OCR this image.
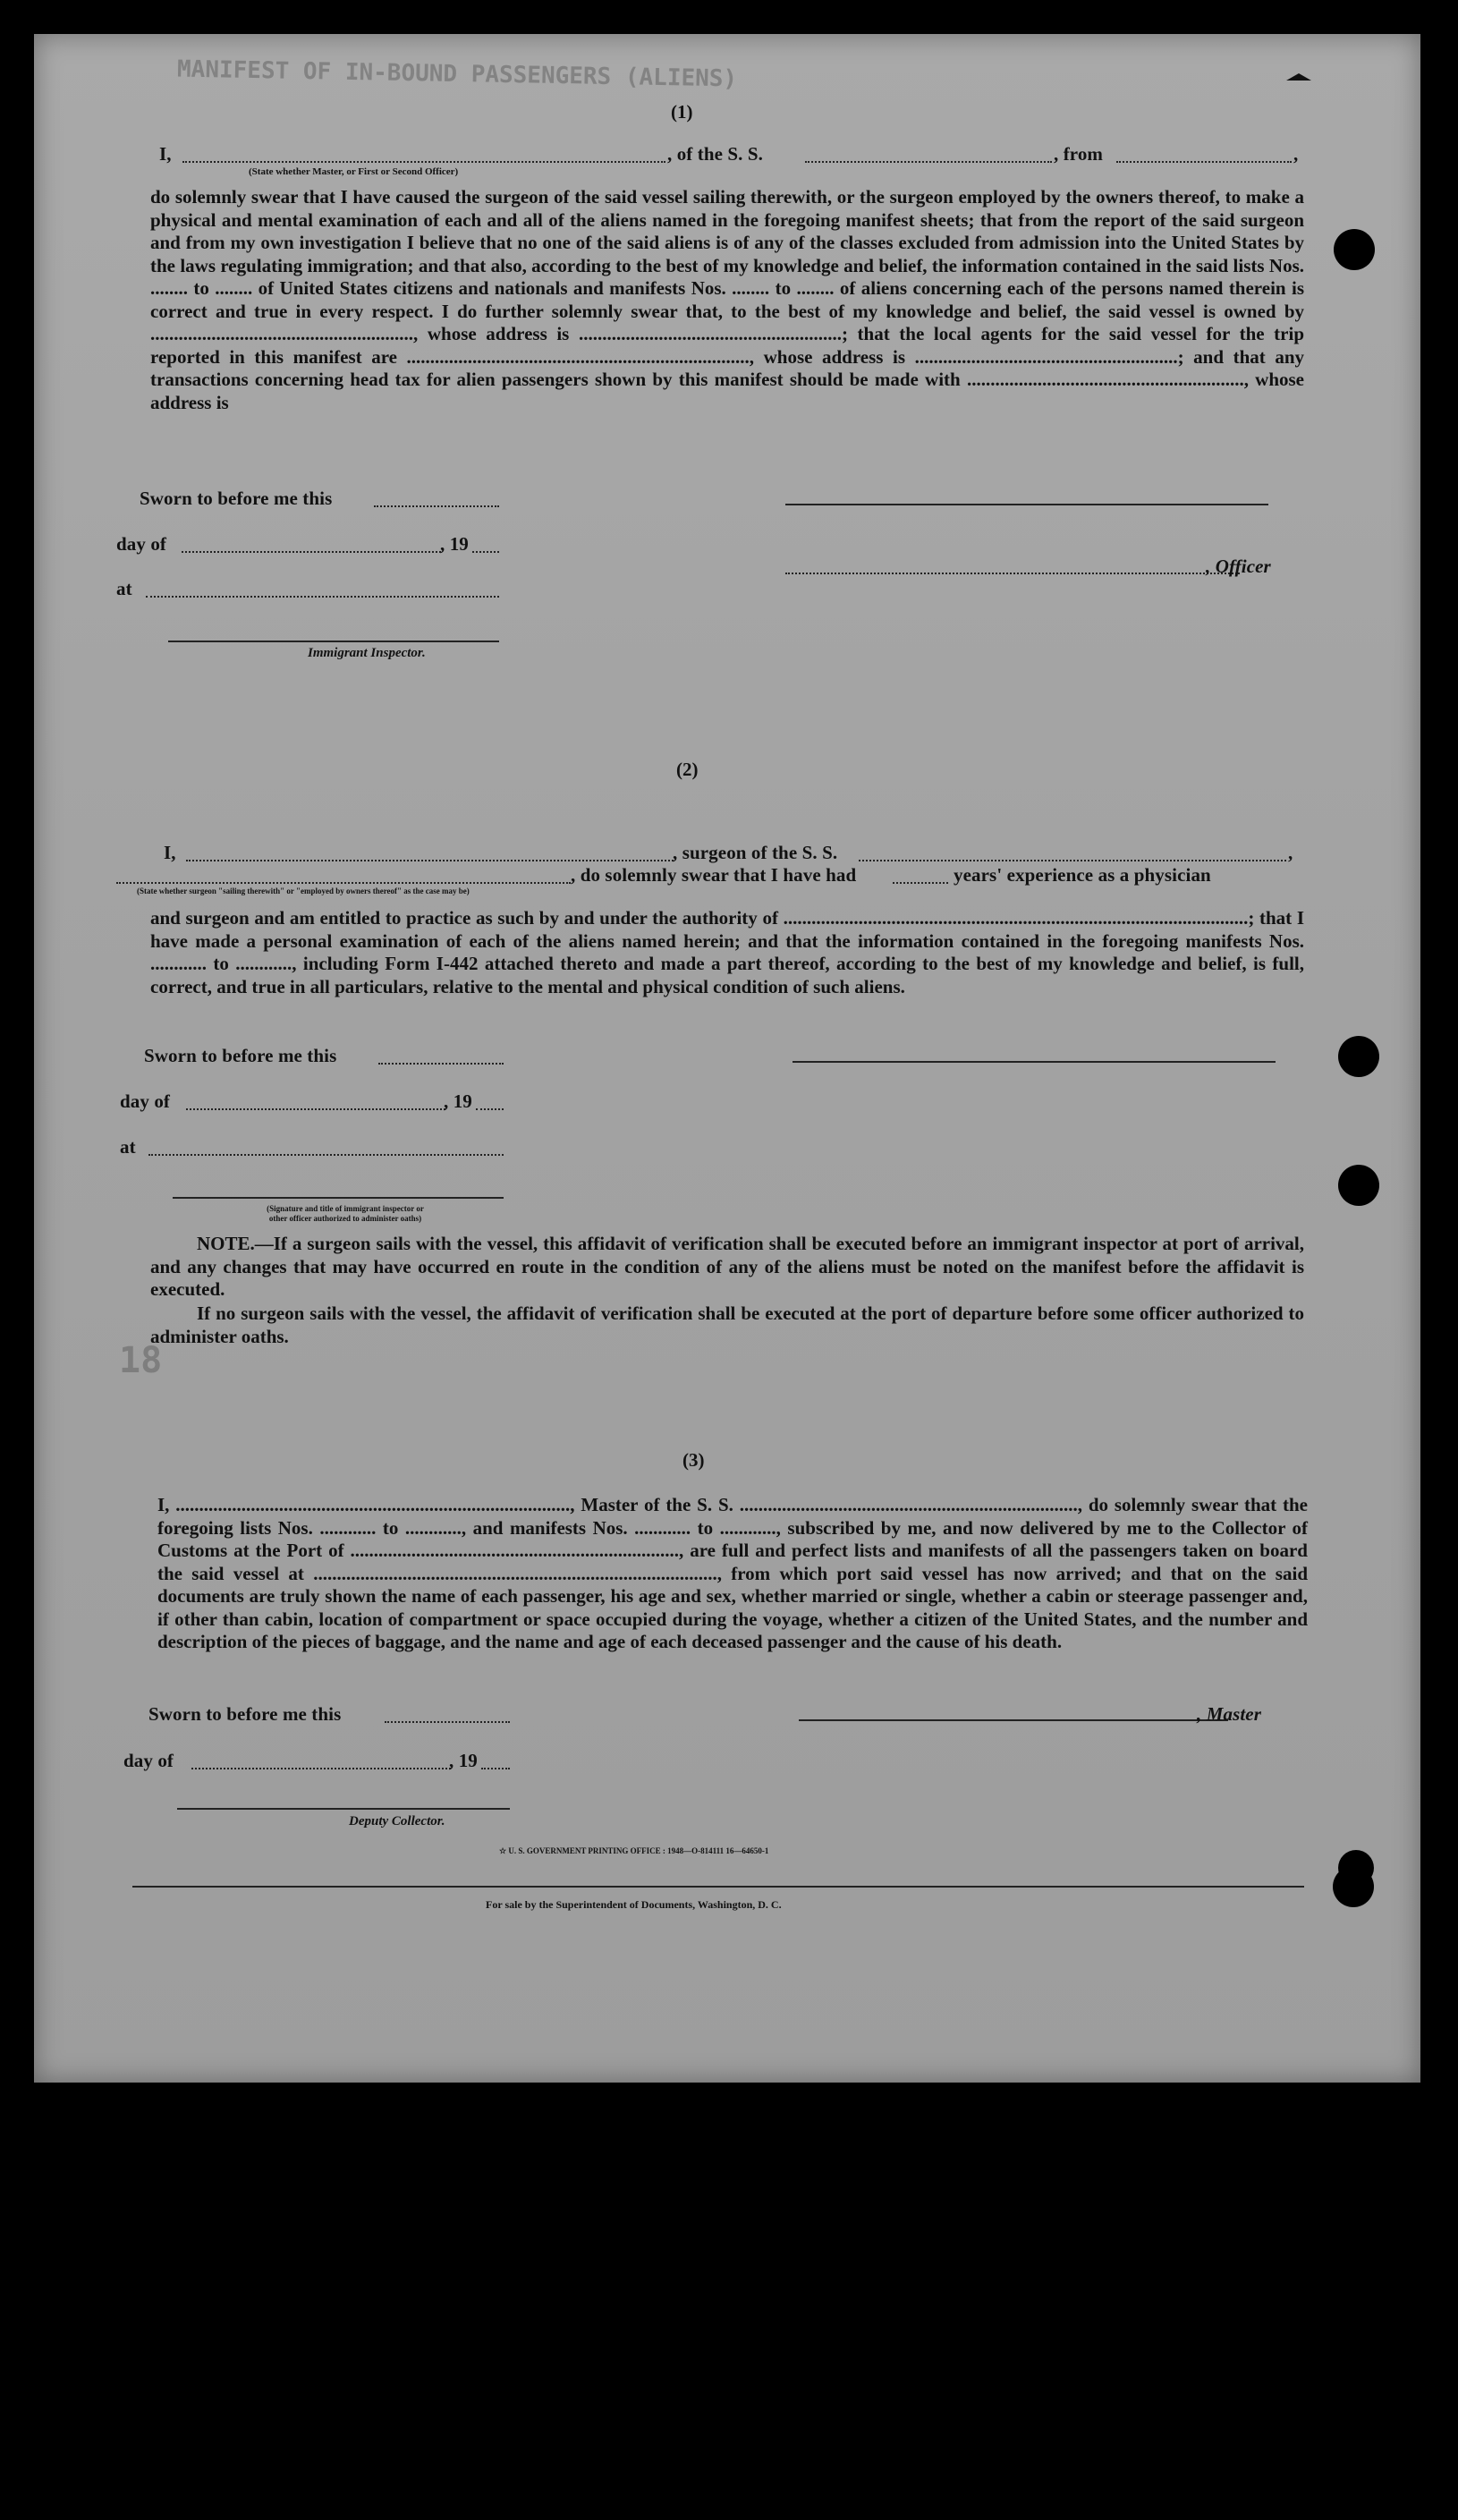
MANIFEST OF IN-BOUND PASSENGERS (ALIENS)
18
(1)
I,	, of the S. S.	, from	,
(State whether Master, or First or Second Officer)
do solemnly swear that I have caused the surgeon of the said vessel sailing therewith, or the surgeon employed by the owners thereof, to make a physical and mental examination of each and all of the aliens named in the foregoing manifest sheets; that from the report of the said surgeon and from my own investigation I believe that no one of the said aliens is of any of the classes excluded from admission into the United States by the laws regulating immigration; and that also, according to the best of my knowledge and belief, the information contained in the said lists Nos. ........ to ........ of United States citizens and nationals and manifests Nos. ........ to ........ of aliens concerning each of the persons named therein is correct and true in every respect. I do further solemnly swear that, to the best of my knowledge and belief, the said vessel is owned by ........................................................, whose address is ........................................................; that the local agents for the said vessel for the trip reported in this manifest are ........................................................................., whose address is ........................................................; and that any transactions concerning head tax for alien passengers shown by this manifest should be made with ..........................................................., whose address is
Sworn to before me this
day of	, 19
, Officer
at
Immigrant Inspector.
(2)
I,	, surgeon of the S. S.	,
, do solemnly swear that I have had	years' experience as a physician
(State whether surgeon "sailing therewith" or "employed by owners thereof" as the case may be)
and surgeon and am entitled to practice as such by and under the authority of ...................................................................................................; that I have made a personal examination of each of the aliens named herein; and that the information contained in the foregoing manifests Nos. ............ to ............, including Form I-442 attached thereto and made a part thereof, according to the best of my knowledge and belief, is full, correct, and true in all particulars, relative to the mental and physical condition of such aliens.
Sworn to before me this
day of	, 19
at
(Signature and title of immigrant inspector or
other officer authorized to administer oaths)
NOTE.—If a surgeon sails with the vessel, this affidavit of verification shall be executed before an immigrant inspector at port of arrival, and any changes that may have occurred en route in the condition of any of the aliens must be noted on the manifest before the affidavit is executed.
If no surgeon sails with the vessel, the affidavit of verification shall be executed at the port of departure before some officer authorized to administer oaths.
(3)
I, ...................................................................................., Master of the S. S. ........................................................................, do solemnly swear that the foregoing lists Nos. ............ to ............, and manifests Nos. ............ to ............, subscribed by me, and now delivered by me to the Collector of Customs at the Port of ......................................................................, are full and perfect lists and manifests of all the passengers taken on board the said vessel at ......................................................................................, from which port said vessel has now arrived; and that on the said documents are truly shown the name of each passenger, his age and sex, whether married or single, whether a cabin or steerage passenger and, if other than cabin, location of compartment or space occupied during the voyage, whether a citizen of the United States, and the number and description of the pieces of baggage, and the name and age of each deceased passenger and the cause of his death.
Sworn to before me this	, Master
day of	, 19
Deputy Collector.
☆ U. S. GOVERNMENT PRINTING OFFICE : 1948—O-814111 16—64650-1
For sale by the Superintendent of Documents, Washington, D. C.
